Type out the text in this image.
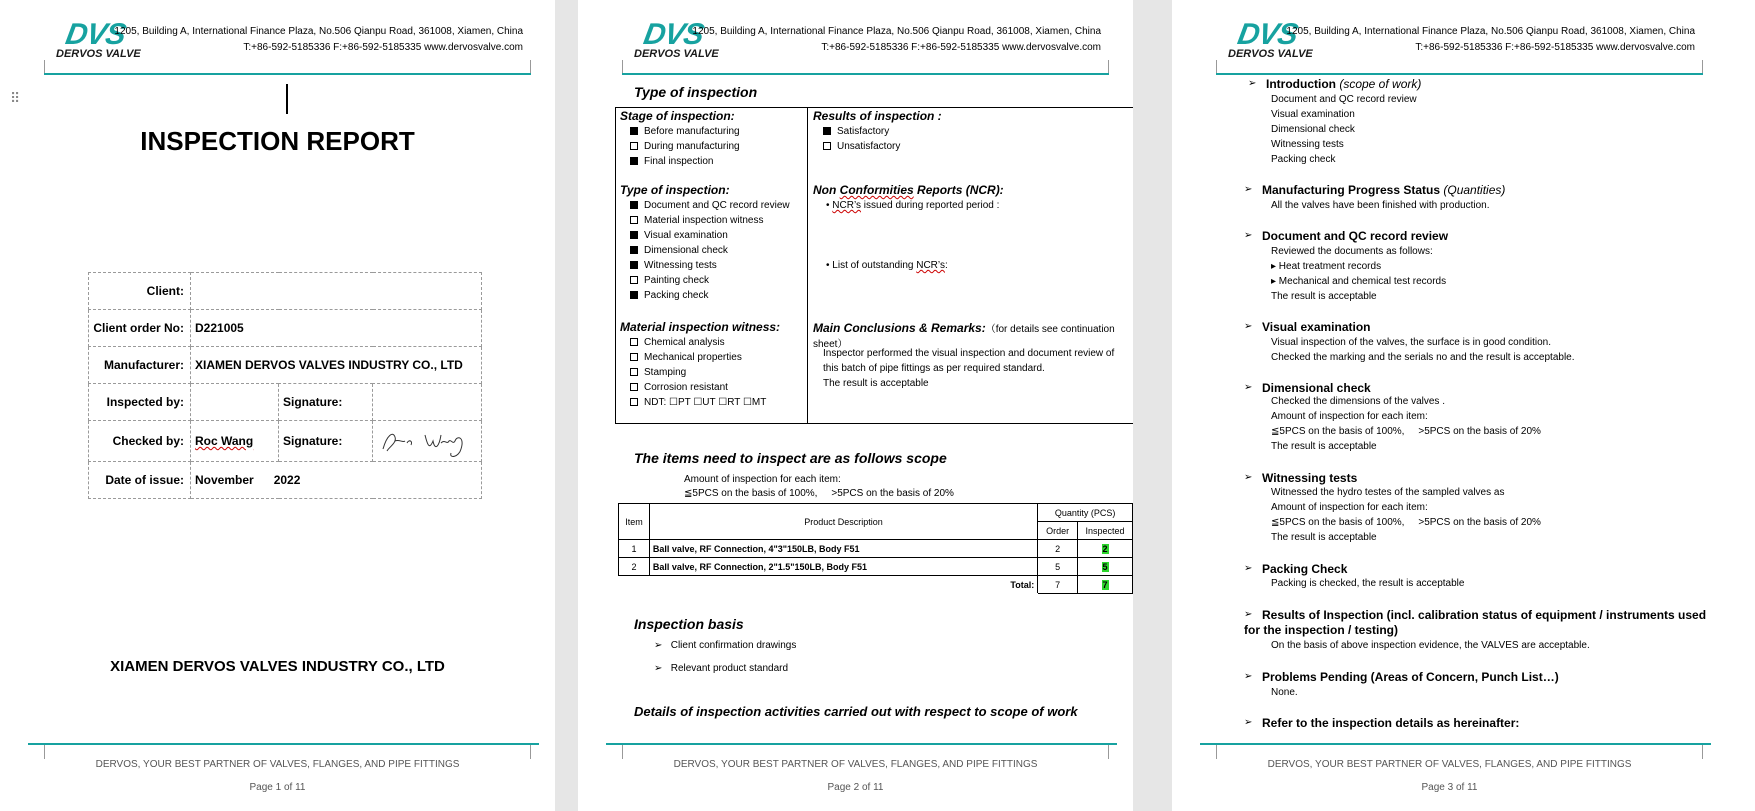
⠿
DVS
DERVOS VALVE
1205, Building A, International Finance Plaza, No.506 Qianpu Road, 361008, Xiamen, China
T:+86-592-5185336 F:+86-592-5185335 www.dervosvalve.com
INSPECTION REPORT
Client:			
Client order No:	D221005		
Manufacturer:	XIAMEN DERVOS VALVES INDUSTRY CO., LTD		
Inspected by:		Signature:	
Checked by:	Roc Wang	Signature:	

Date of issue:	November      2022		
XIAMEN DERVOS VALVES INDUSTRY CO., LTD
DERVOS, YOUR BEST PARTNER OF VALVES, FLANGES, AND PIPE FITTINGS
Page 1 of 11
DVS
DERVOS VALVE
1205, Building A, International Finance Plaza, No.506 Qianpu Road, 361008, Xiamen, China
T:+86-592-5185336 F:+86-592-5185335 www.dervosvalve.com
Type of inspection
Stage of inspection:
Before manufacturing
During manufacturing
Final inspection
Type of inspection:
Document and QC record review
Material inspection witness
Visual examination
Dimensional check
Witnessing tests
Painting check
Packing check
Material inspection witness:
Chemical analysis
Mechanical properties
Stamping
Corrosion resistant
NDT: ☐PT ☐UT ☐RT ☐MT
Results of inspection :
Satisfactory
Unsatisfactory
Non Conformities Reports (NCR):
• NCR’s issued during reported period :
• List of outstanding NCR’s:
Main Conclusions & Remarks:（for details see continuation sheet）
Inspector performed the visual inspection and document review of
this batch of pipe fittings as per required standard.
The result is acceptable
The items need to inspect are as follows scope
Amount of inspection for each item:
≦5PCS on the basis of 100%,     >5PCS on the basis of 20%
Item	Product Description	Quantity (PCS)	
		Order	Inspected
1	Ball valve, RF Connection, 4"3"150LB, Body F51	2	2
2	Ball valve, RF Connection, 2"1.5"150LB, Body F51	5	5
Total:		7	7
Inspection basis
➢ Client confirmation drawings
➢ Relevant product standard
Details of inspection activities carried out with respect to scope of work
DERVOS, YOUR BEST PARTNER OF VALVES, FLANGES, AND PIPE FITTINGS
Page 2 of 11
DVS
DERVOS VALVE
1205, Building A, International Finance Plaza, No.506 Qianpu Road, 361008, Xiamen, China
T:+86-592-5185336 F:+86-592-5185335 www.dervosvalve.com
➢ Introduction (scope of work)
Document and QC record review
Visual examination
Dimensional check
Witnessing tests
Packing check
➢ Manufacturing Progress Status (Quantities)
All the valves have been finished with production.
➢ Document and QC record review
Reviewed the documents as follows:
▸ Heat treatment records
▸ Mechanical and chemical test records
The result is acceptable
➢ Visual examination
Visual inspection of the valves, the surface is in good condition.
Checked the marking and the serials no and the result is acceptable.
➢ Dimensional check
Checked the dimensions of the valves .
Amount of inspection for each item:
≦5PCS on the basis of 100%,     >5PCS on the basis of 20%
The result is acceptable
➢ Witnessing tests
Witnessed the hydro testes of the sampled valves as
Amount of inspection for each item:
≦5PCS on the basis of 100%,     >5PCS on the basis of 20%
The result is acceptable
➢ Packing Check
Packing is checked, the result is acceptable
➢ Results of Inspection (incl. calibration status of equipment / instruments used
for the inspection / testing)
On the basis of above inspection evidence, the VALVES are acceptable.
➢ Problems Pending (Areas of Concern, Punch List…)
None.
➢ Refer to the inspection details as hereinafter:
DERVOS, YOUR BEST PARTNER OF VALVES, FLANGES, AND PIPE FITTINGS
Page 3 of 11
